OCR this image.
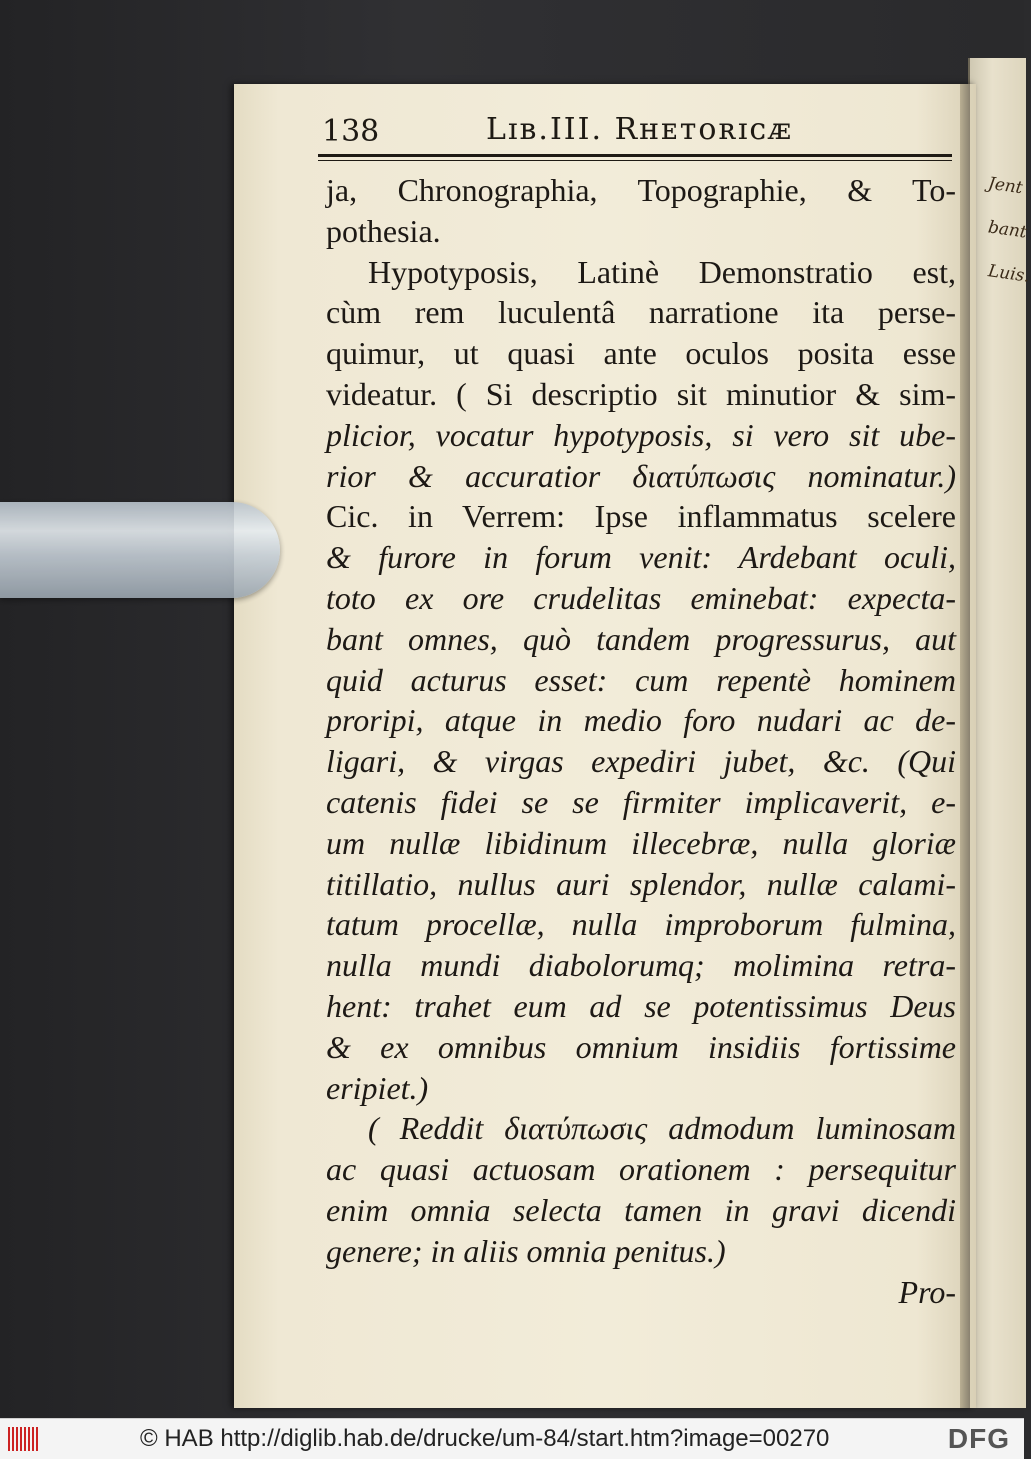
Jent
bant
Luis.
138	Lɪʙ.III. Rʜᴇᴛᴏʀɪᴄᴁ
ja, Chronographia, Topographie, & To-
pothesia.
Hypotyposis, Latinè Demonstratio est,
cùm rem luculentâ narratione ita perse-
quimur, ut quasi ante oculos posita esse
videatur. ( Si descriptio sit minutior & sim-
plicior, vocatur hypotyposis, si vero sit ube-
rior & accuratior διατύπωσις nominatur.)
Cic. in Verrem: Ipse inflammatus scelere
& furore in forum venit: Ardebant oculi,
toto ex ore crudelitas eminebat: expecta-
bant omnes, quò tandem progressurus, aut
quid acturus esset: cum repentè hominem
proripi, atque in medio foro nudari ac de-
ligari, & virgas expediri jubet, &c. (Qui
catenis fidei se se firmiter implicaverit, e-
um nullæ libidinum illecebræ, nulla gloriæ
titillatio, nullus auri splendor, nullæ calami-
tatum procellæ, nulla improborum fulmina,
nulla mundi diabolorumq; molimina retra-
hent: trahet eum ad se potentissimus Deus
& ex omnibus omnium insidiis fortissime
eripiet.)
( Reddit διατύπωσις admodum luminosam
ac quasi actuosam orationem : persequitur
enim omnia selecta tamen in gravi dicendi
genere; in aliis omnia penitus.)
Pro-
© HAB http://diglib.hab.de/drucke/um-84/start.htm?image=00270	DFG
